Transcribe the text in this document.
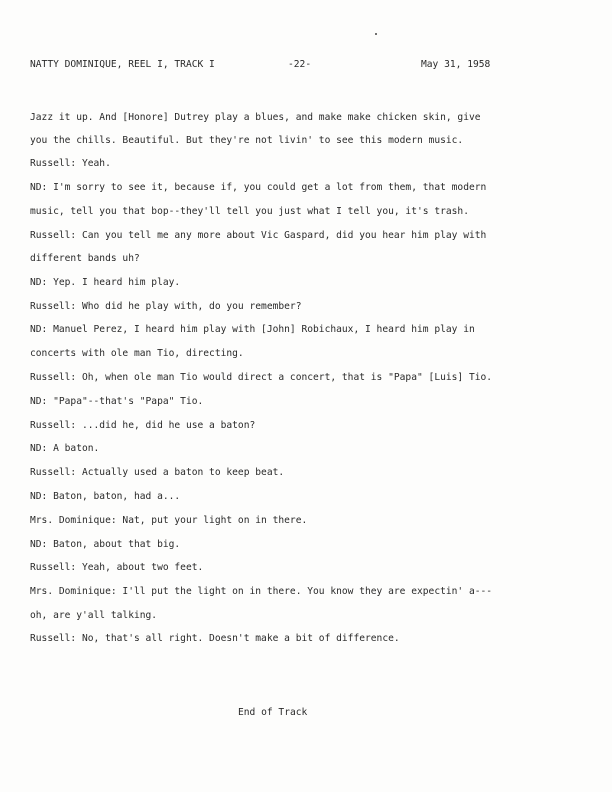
NATTY DOMINIQUE, REEL I, TRACK I	-22-	May 31, 1958
Jazz it up. And [Honore] Dutrey play a blues, and make make chicken skin, give
you the chills. Beautiful. But they're not livin' to see this modern music.
Russell: Yeah.
ND: I'm sorry to see it, because if, you could get a lot from them, that modern
music, tell you that bop--they'll tell you just what I tell you, it's trash.
Russell: Can you tell me any more about Vic Gaspard, did you hear him play with
different bands uh?
ND: Yep. I heard him play.
Russell: Who did he play with, do you remember?
ND: Manuel Perez, I heard him play with [John] Robichaux, I heard him play in
concerts with ole man Tio, directing.
Russell: Oh, when ole man Tio would direct a concert, that is "Papa" [Luis] Tio.
ND: "Papa"--that's "Papa" Tio.
Russell: ...did he, did he use a baton?
ND: A baton.
Russell: Actually used a baton to keep beat.
ND: Baton, baton, had a...
Mrs. Dominique: Nat, put your light on in there.
ND: Baton, about that big.
Russell: Yeah, about two feet.
Mrs. Dominique: I'll put the light on in there. You know they are expectin' a---
oh, are y'all talking.
Russell: No, that's all right. Doesn't make a bit of difference.
End of Track
